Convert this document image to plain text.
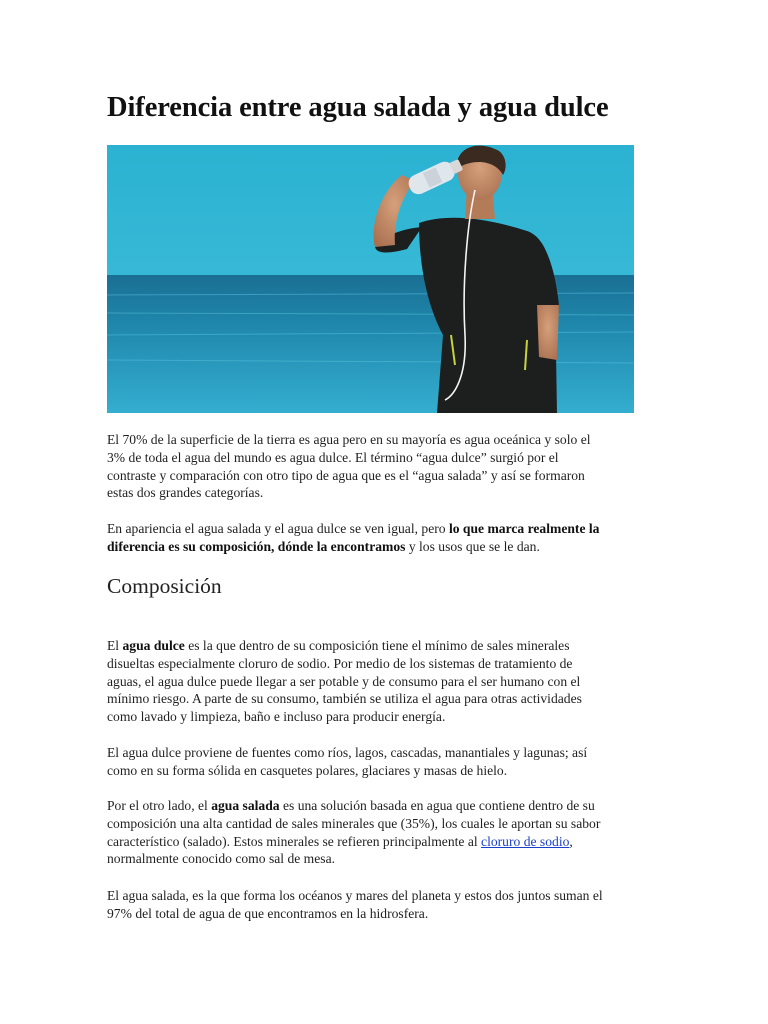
Diferencia entre agua salada y agua dulce

El 70% de la superficie de la tierra es agua pero en su mayoría es agua oceánica y solo el
3% de toda el agua del mundo es agua dulce. El término “agua dulce” surgió por el
contraste y comparación con otro tipo de agua que es el “agua salada” y así se formaron
estas dos grandes categorías.

En apariencia el agua salada y el agua dulce se ven igual, pero lo que marca realmente la
diferencia es su composición, dónde la encontramos y los usos que se le dan.

Composición

El agua dulce es la que dentro de su composición tiene el mínimo de sales minerales
disueltas especialmente cloruro de sodio. Por medio de los sistemas de tratamiento de
aguas, el agua dulce puede llegar a ser potable y de consumo para el ser humano con el
mínimo riesgo. A parte de su consumo, también se utiliza el agua para otras actividades
como lavado y limpieza, baño e incluso para producir energía.

El agua dulce proviene de fuentes como ríos, lagos, cascadas, manantiales y lagunas; así
como en su forma sólida en casquetes polares, glaciares y masas de hielo.

Por el otro lado, el agua salada es una solución basada en agua que contiene dentro de su
composición una alta cantidad de sales minerales que (35%), los cuales le aportan su sabor
característico (salado). Estos minerales se refieren principalmente al cloruro de sodio,
normalmente conocido como sal de mesa.

El agua salada, es la que forma los océanos y mares del planeta y estos dos juntos suman el
97% del total de agua de que encontramos en la hidrosfera.
